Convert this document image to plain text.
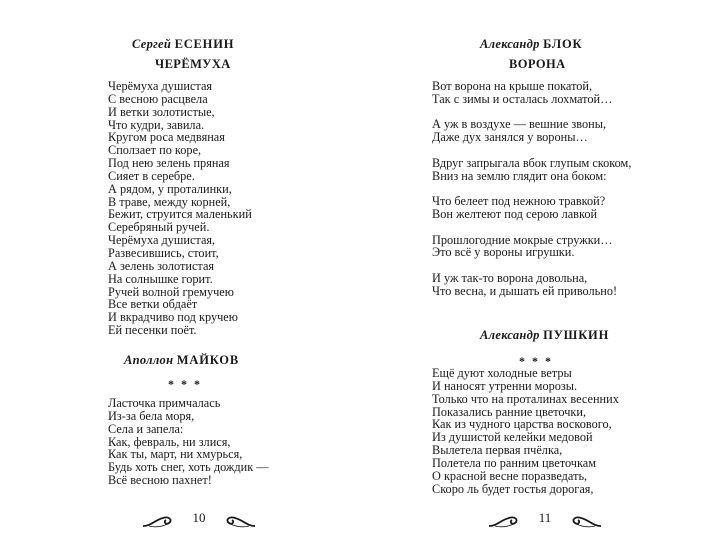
Сергей ЕСЕНИН
ЧЕРЁМУХА
Черёмуха душистая
С весною расцвела
И ветки золотистые,
Что кудри, завила.
Кругом роса медвяная
Сползает по коре,
Под нею зелень пряная
Сияет в серебре.
А рядом, у проталинки,
В траве, между корней,
Бежит, струится маленький
Серебряный ручей.
Черёмуха душистая,
Развесившись, стоит,
А зелень золотистая
На солнышке горит.
Ручей волной гремучею
Все ветки обдаёт
И вкрадчиво под кручею
Ей песенки поёт.
Аполлон МАЙКОВ
* * *
Ласточка примчалась
Из-за бела моря,
Села и запела:
Как, февраль, ни злися,
Как ты, март, ни хмурься,
Будь хоть снег, хоть дождик —
Всё весною пахнет!
10
Александр БЛОК
ВОРОНА
Вот ворона на крыше покатой,
Так с зимы и осталась лохматой…
А уж в воздухе — вешние звоны,
Даже дух занялся у вороны…
Вдруг запрыгала вбок глупым скоком,
Вниз на землю глядит она боком:
Что белеет под нежною травкой?
Вон желтеют под серою лавкой
Прошлогодние мокрые стружки…
Это всё у вороны игрушки.
И уж так-то ворона довольна,
Что весна, и дышать ей привольно!
Александр ПУШКИН
* * *
Ещё дуют холодные ветры
И наносят утренни морозы.
Только что на проталинах весенних
Показались ранние цветочки,
Как из чудного царства воскового,
Из душистой келейки медовой
Вылетела первая пчёлка,
Полетела по ранним цветочкам
О красной весне поразведать,
Скоро ль будет гостья дорогая,
11
